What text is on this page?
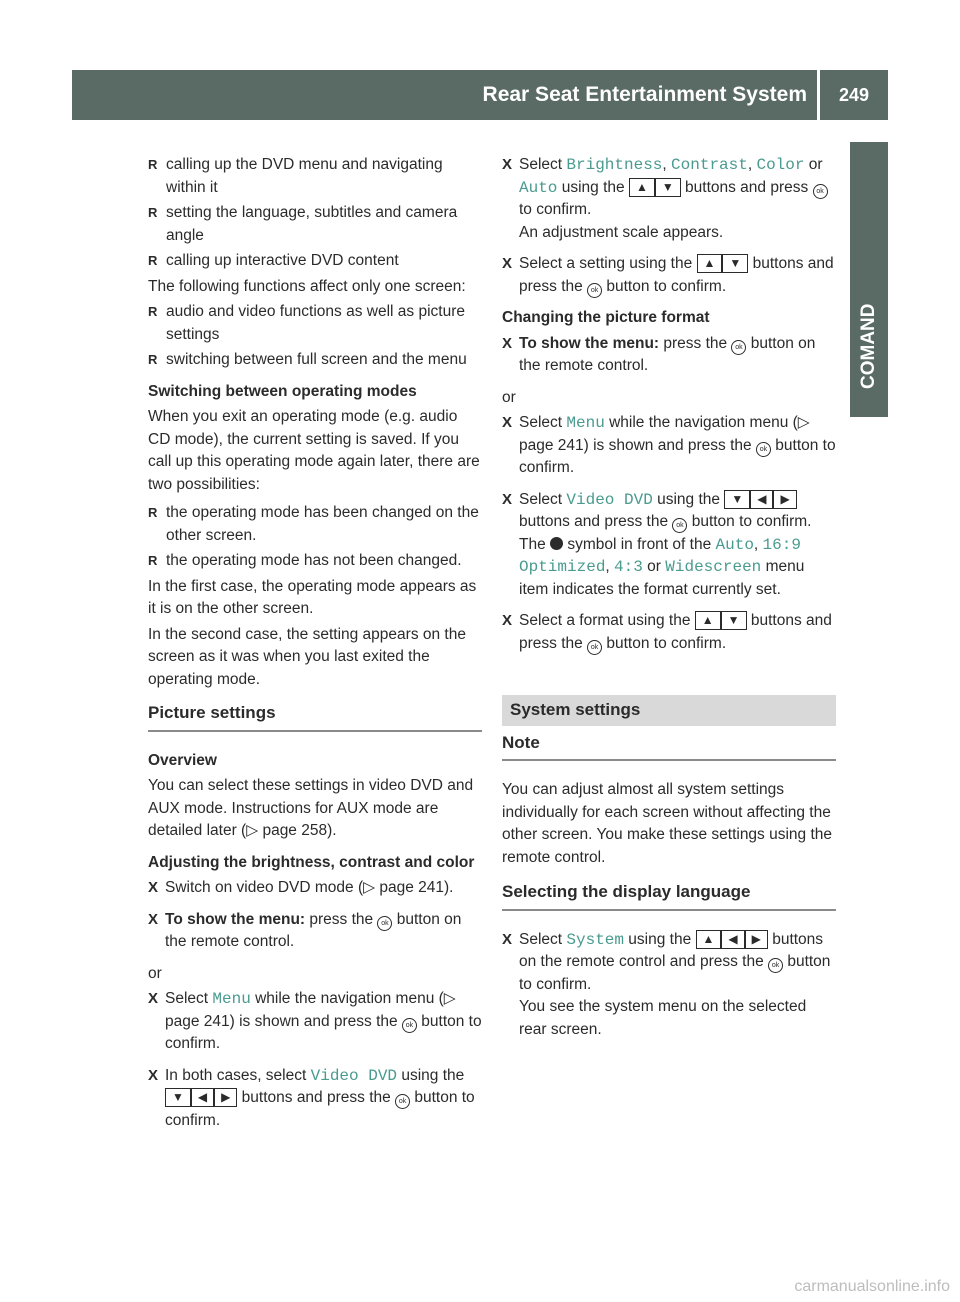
Rear Seat Entertainment System	249
COMAND

R calling up the DVD menu and navigating within it

R setting the language, subtitles and camera angle

R calling up interactive DVD content

The following functions affect only one screen:

R audio and video functions as well as picture settings

R switching between full screen and the menu

Switching between operating modes

When you exit an operating mode (e.g. audio CD mode), the current setting is saved. If you call up this operating mode again later, there are two possibilities:

R the operating mode has been changed on the other screen.

R the operating mode has not been changed.

In the first case, the operating mode appears as it is on the other screen.

In the second case, the setting appears on the screen as it was when you last exited the operating mode.

Picture settings

Overview

You can select these settings in video DVD and AUX mode. Instructions for AUX mode are detailed later (▷ page 258).

Adjusting the brightness, contrast and color

X Switch on video DVD mode (▷ page 241).

X To show the menu: press the ok button on the remote control.

or

X Select Menu while the navigation menu (▷ page 241) is shown and press the ok button to confirm.

X In both cases, select Video DVD using the ▼ ◀ ▶ buttons and press the ok button to confirm.

X Select Brightness, Contrast, Color or Auto using the ▲ ▼ buttons and press ok to confirm.
An adjustment scale appears.

X Select a setting using the ▲ ▼ buttons and press the ok button to confirm.

Changing the picture format

X To show the menu: press the ok button on the remote control.

or

X Select Menu while the navigation menu (▷ page 241) is shown and press the ok button to confirm.

X Select Video DVD using the ▼ ◀ ▶ buttons and press the ok button to confirm.
The  symbol in front of the Auto, 16:9 Optimized, 4:3 or Widescreen menu item indicates the format currently set.

X Select a format using the ▲ ▼ buttons and press the ok button to confirm.

System settings

Note

You can adjust almost all system settings individually for each screen without affecting the other screen. You make these settings using the remote control.

Selecting the display language

X Select System using the ▲ ◀ ▶ buttons on the remote control and press the ok button to confirm.
You see the system menu on the selected rear screen.

carmanualsonline.info
